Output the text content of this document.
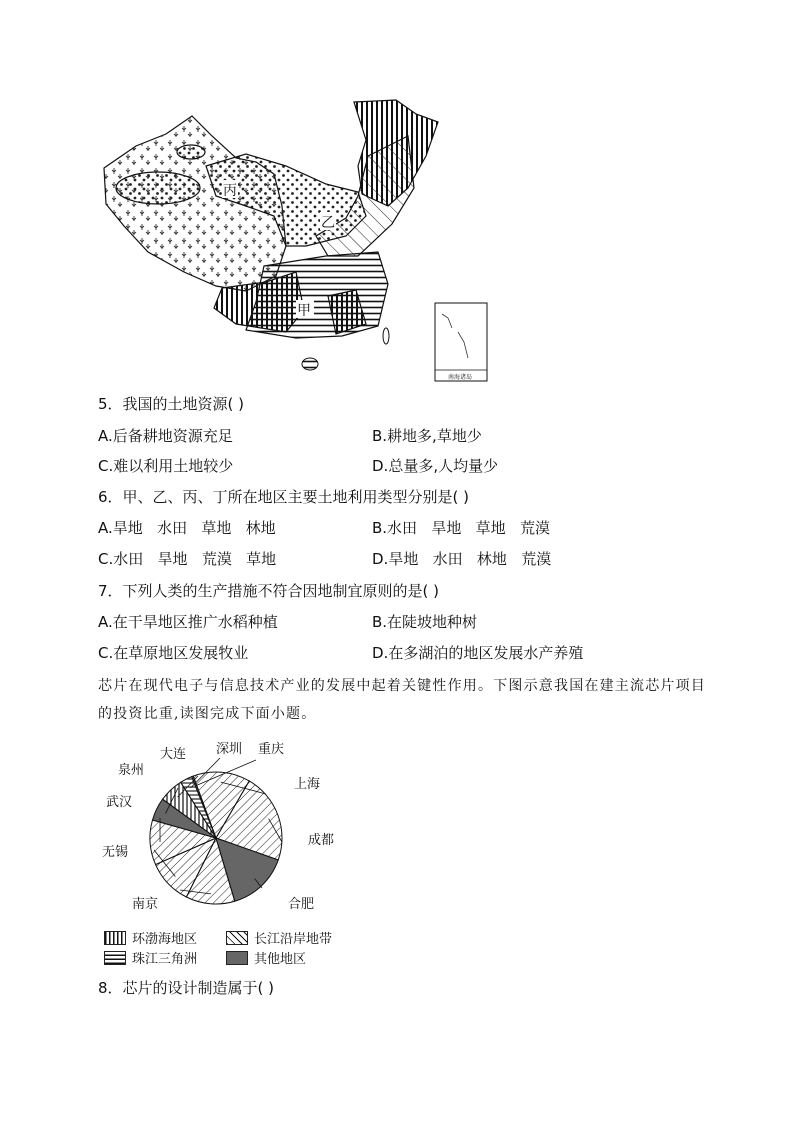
丙
乙
甲
南海诸岛
5．我国的土地资源( )
A.后备耕地资源充足	B.耕地多,草地少
C.难以利用土地较少	D.总量多,人均量少
6．甲、乙、丙、丁所在地区主要土地利用类型分别是( )
A.旱地   水田   草地   林地	B.水田   旱地   草地   荒漠
C.水田   旱地   荒漠   草地	D.旱地   水田   林地   荒漠
7．下列人类的生产措施不符合因地制宜原则的是( )
A.在干旱地区推广水稻种植	B.在陡坡地种树
C.在草原地区发展牧业	D.在多湖泊的地区发展水产养殖
芯片在现代电子与信息技术产业的发展中起着关键性作用。下图示意我国在建主流芯片项目的投资比重,读图完成下面小题。
深圳 重庆
上海
成都
合肥
南京
无锡
武汉
泉州
大连
环渤海地区	长江沿岸地带
珠江三角洲	其他地区
8．芯片的设计制造属于( )
